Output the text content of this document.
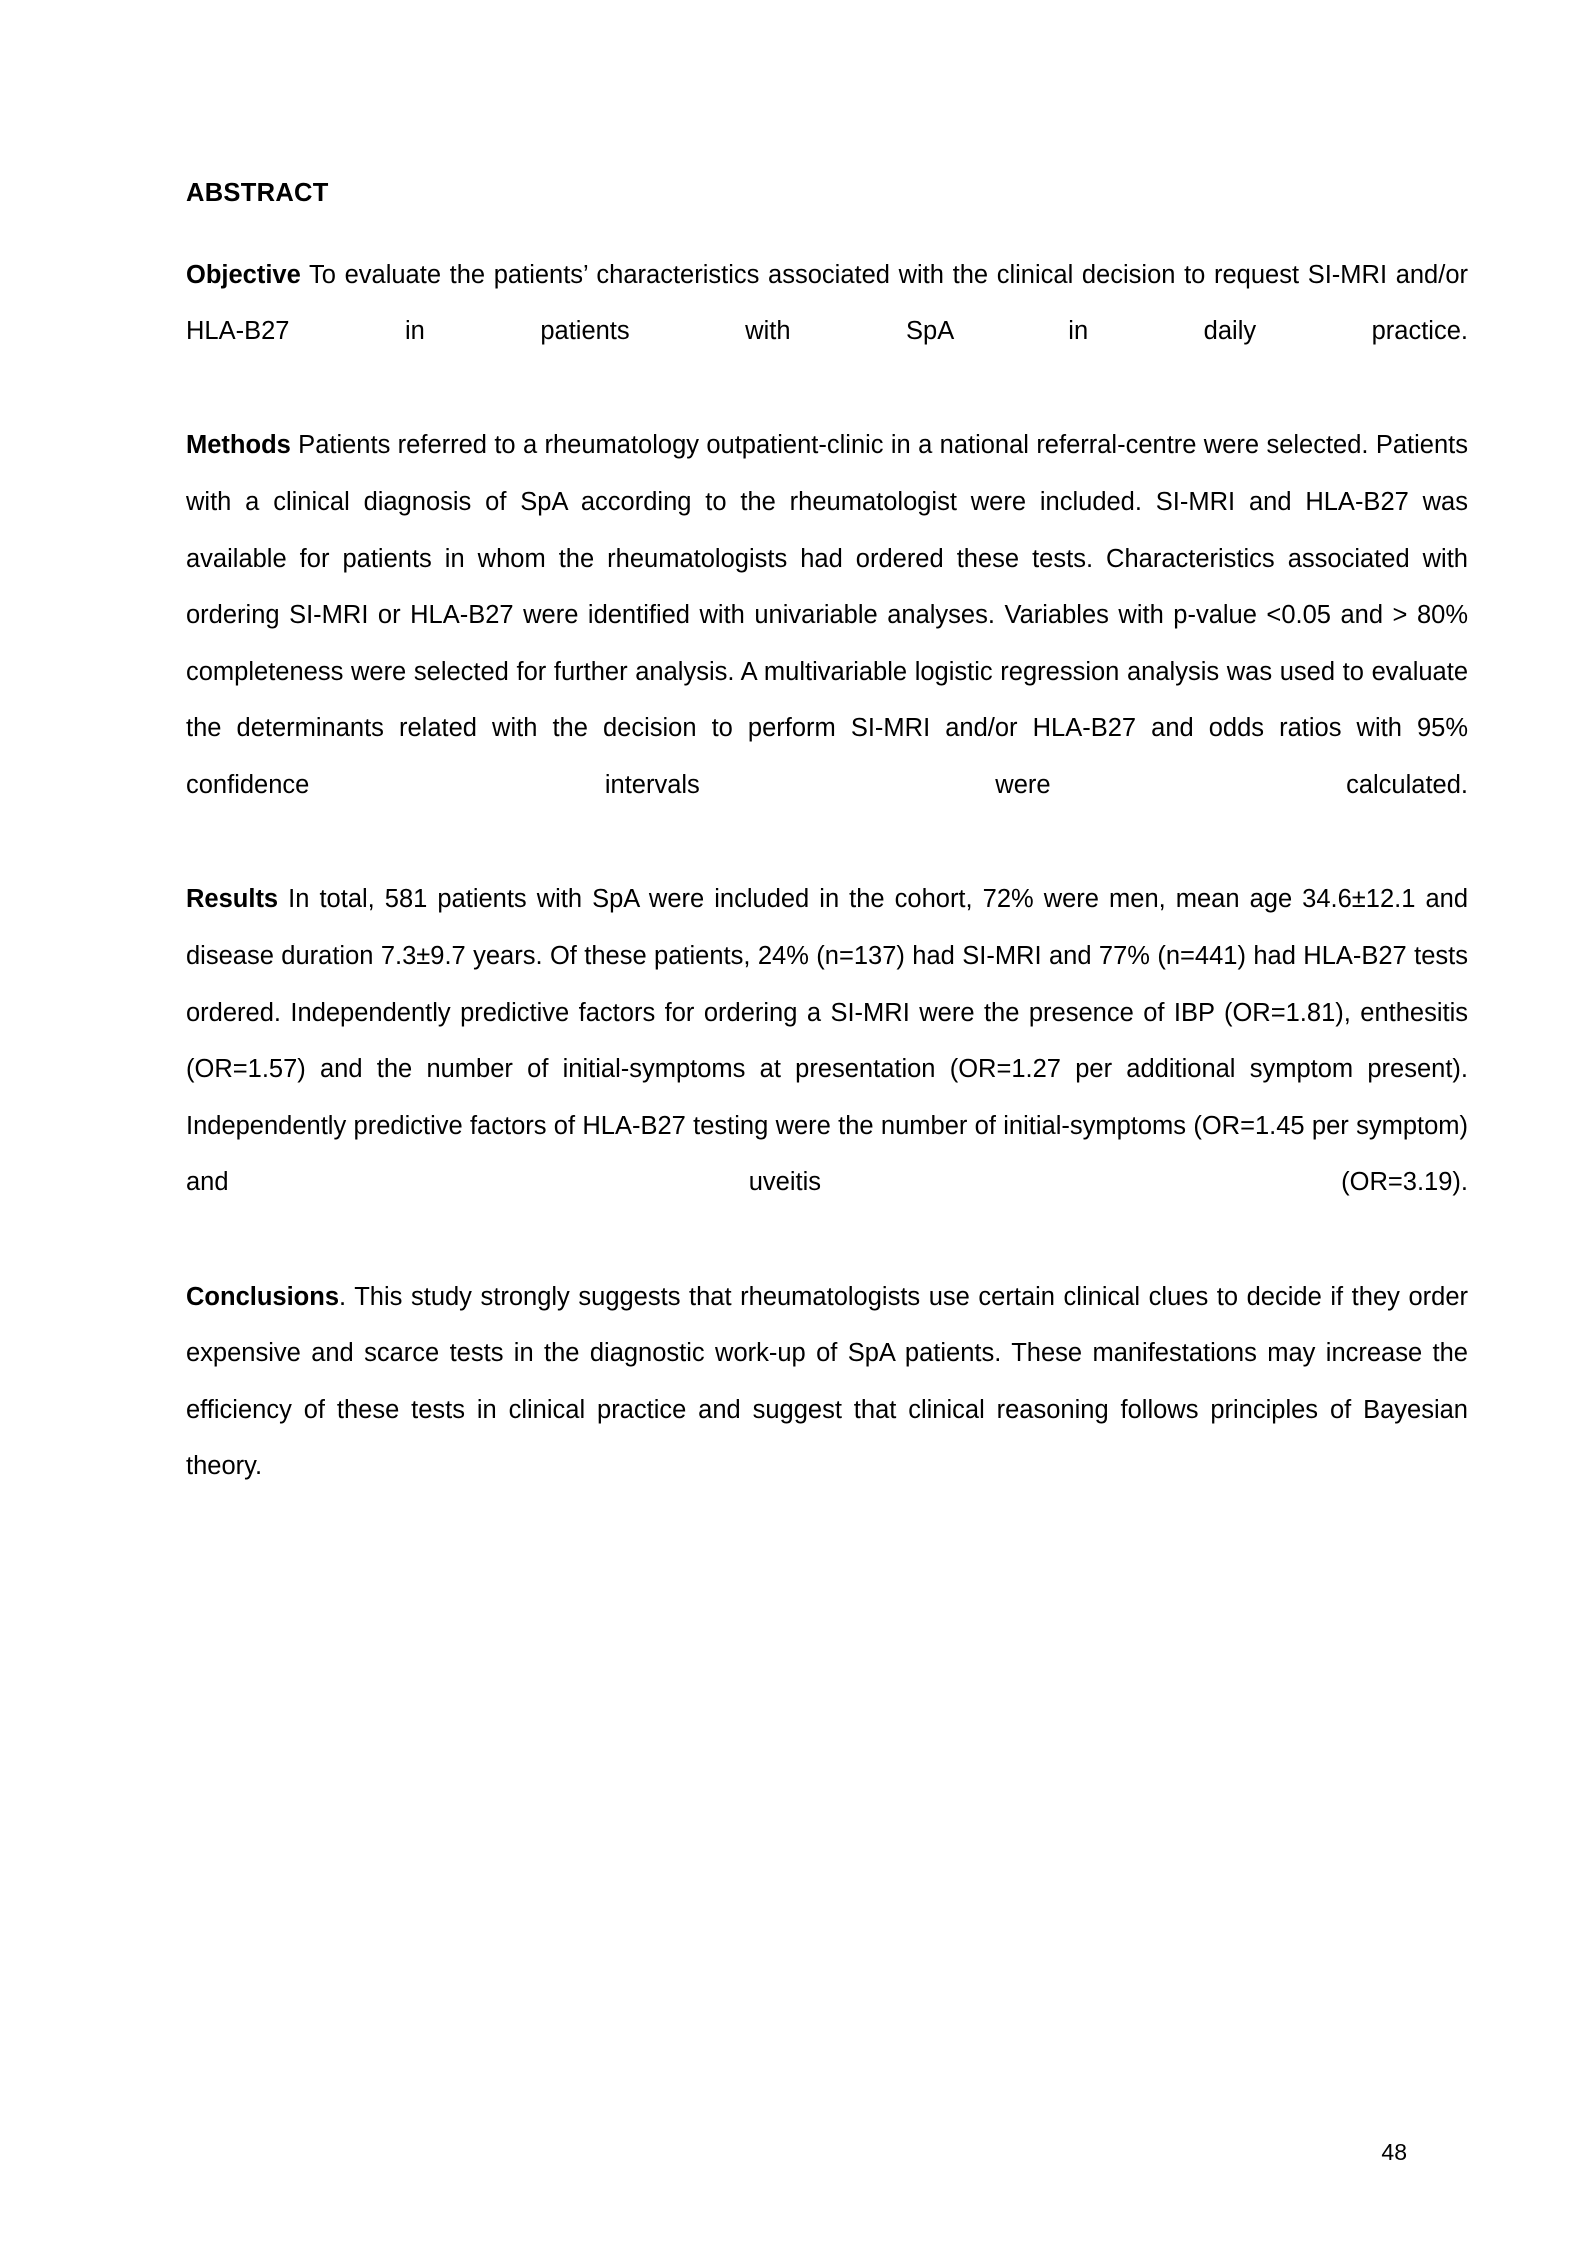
ABSTRACT

Objective To evaluate the patients’ characteristics associated with the clinical decision to request SI-MRI and/or HLA-B27 in patients with SpA in daily practice.

Methods Patients referred to a rheumatology outpatient-clinic in a national referral-centre were selected. Patients with a clinical diagnosis of SpA according to the rheumatologist were included. SI-MRI and HLA-B27 was available for patients in whom the rheumatologists had ordered these tests. Characteristics associated with ordering SI-MRI or HLA-B27 were identified with univariable analyses. Variables with p-value <0.05 and > 80% completeness were selected for further analysis. A multivariable logistic regression analysis was used to evaluate the determinants related with the decision to perform SI-MRI and/or HLA-B27 and odds ratios with 95% confidence intervals were calculated.

Results In total, 581 patients with SpA were included in the cohort, 72% were men, mean age 34.6±12.1 and disease duration 7.3±9.7 years. Of these patients, 24% (n=137) had SI-MRI and 77% (n=441) had HLA-B27 tests ordered. Independently predictive factors for ordering a SI-MRI were the presence of IBP (OR=1.81), enthesitis (OR=1.57) and the number of initial-symptoms at presentation (OR=1.27 per additional symptom present). Independently predictive factors of HLA-B27 testing were the number of initial-symptoms (OR=1.45 per symptom) and uveitis (OR=3.19).

Conclusions. This study strongly suggests that rheumatologists use certain clinical clues to decide if they order expensive and scarce tests in the diagnostic work-up of SpA patients. These manifestations may increase the efficiency of these tests in clinical practice and suggest that clinical reasoning follows principles of Bayesian theory.

48
